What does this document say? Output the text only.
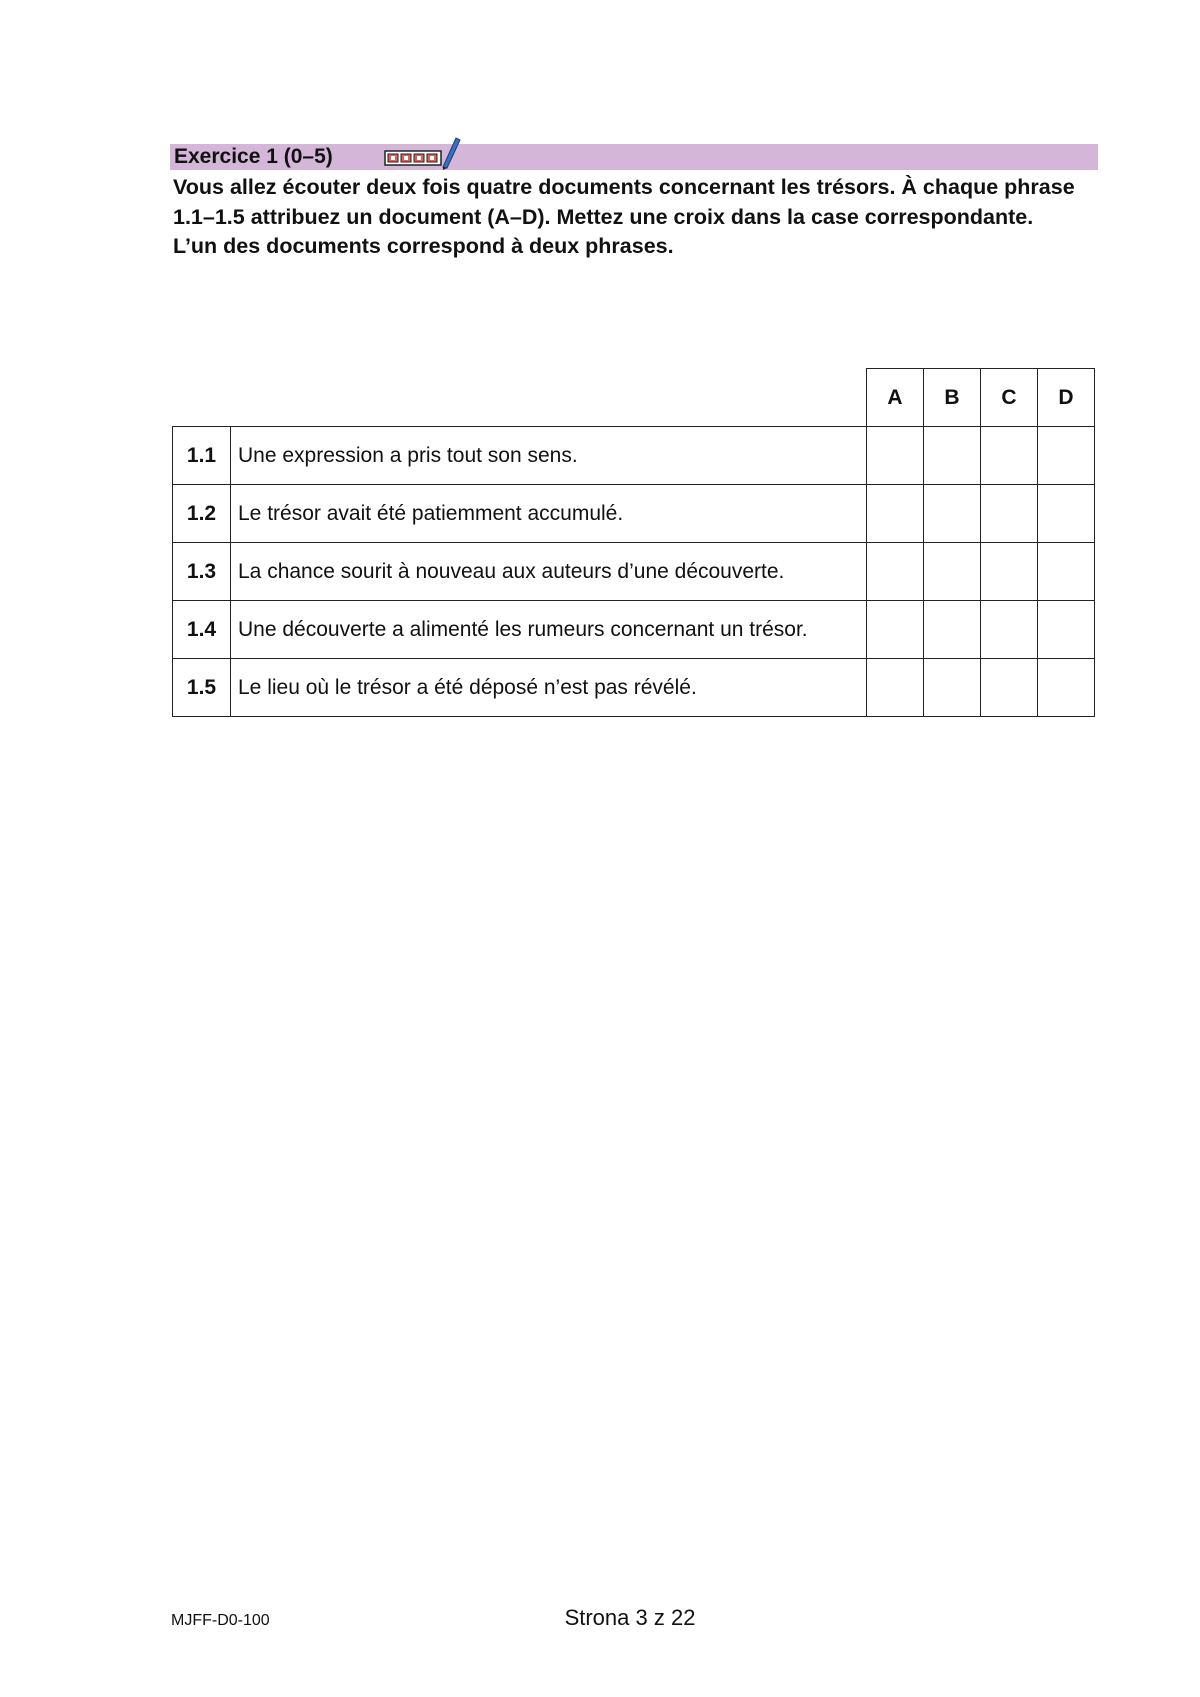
Exercice 1 (0–5)

Vous allez écouter deux fois quatre documents concernant les trésors. À chaque phrase 1.1–1.5 attribuez un document (A–D). Mettez une croix dans la case correspondante.

L’un des documents correspond à deux phrases.

		A	B	C	D
1.1	Une expression a pris tout son sens.				
1.2	Le trésor avait été patiemment accumulé.				
1.3	La chance sourit à nouveau aux auteurs d’une découverte.				
1.4	Une découverte a alimenté les rumeurs concernant un trésor.				
1.5	Le lieu où le trésor a été déposé n’est pas révélé.				
MJFF-D0-100	Strona 3 z 22
